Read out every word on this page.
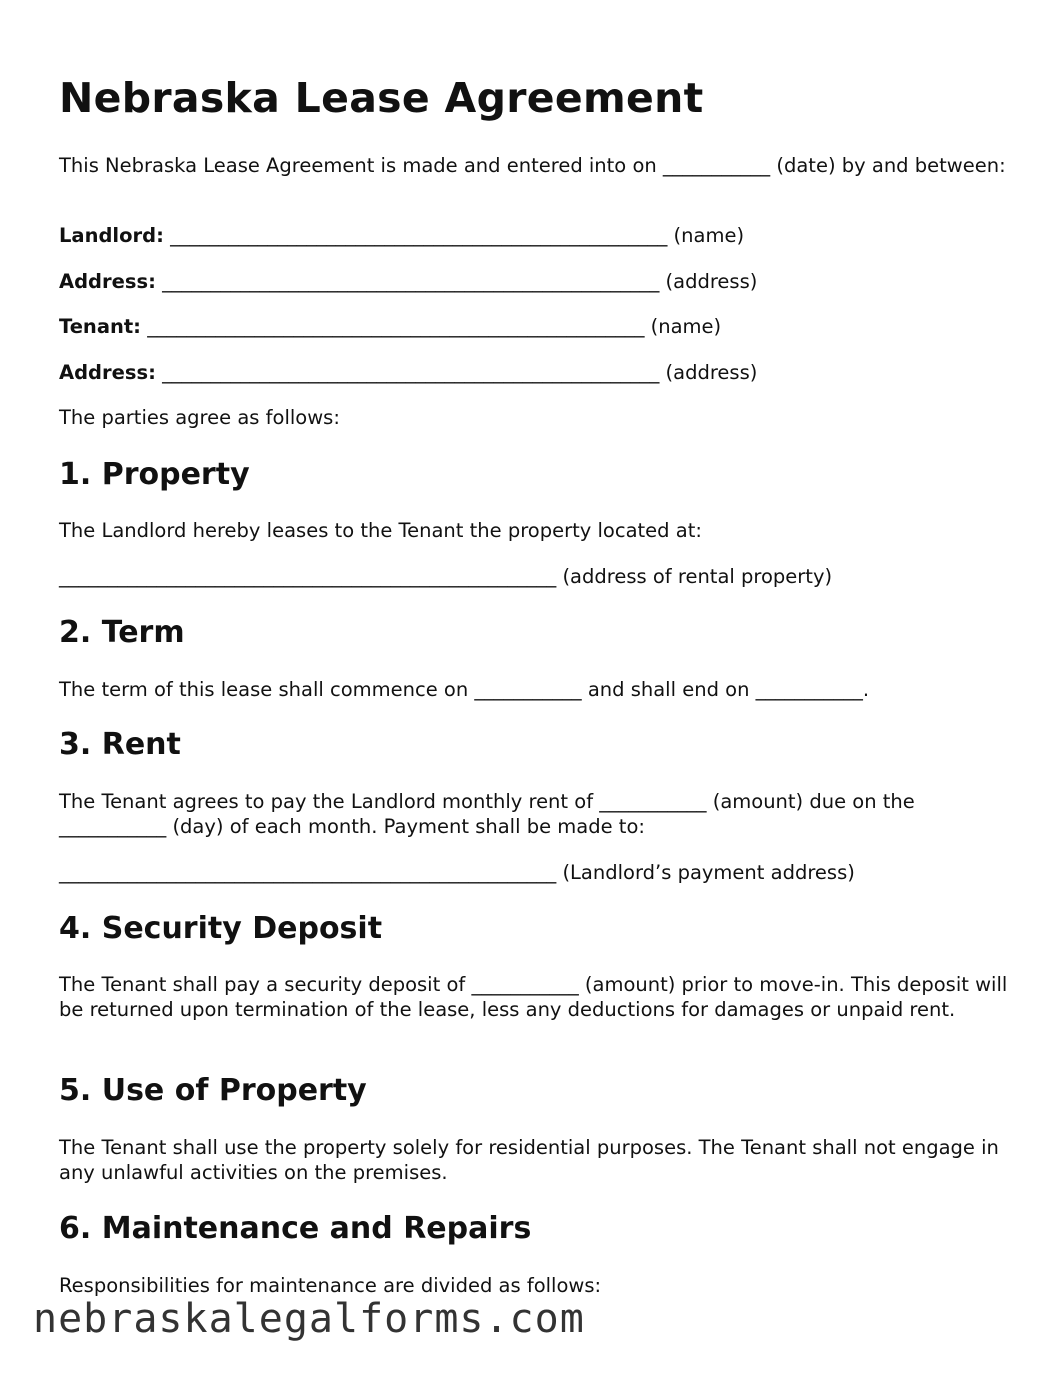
Nebraska Lease Agreement

This Nebraska Lease Agreement is made and entered into on ___________ (date) by and between:

Landlord: ___________________________________________________ (name)

Address: ___________________________________________________ (address)

Tenant: ___________________________________________________ (name)

Address: ___________________________________________________ (address)

The parties agree as follows:

1. Property

The Landlord hereby leases to the Tenant the property located at:

___________________________________________________ (address of rental property)

2. Term

The term of this lease shall commence on ___________ and shall end on ___________.

3. Rent

The Tenant agrees to pay the Landlord monthly rent of ___________ (amount) due on the ___________ (day) of each month. Payment shall be made to:

___________________________________________________ (Landlord’s payment address)

4. Security Deposit

The Tenant shall pay a security deposit of ___________ (amount) prior to move-in. This deposit will be returned upon termination of the lease, less any deductions for damages or unpaid rent.

5. Use of Property

The Tenant shall use the property solely for residential purposes. The Tenant shall not engage in any unlawful activities on the premises.

6. Maintenance and Repairs

Responsibilities for maintenance are divided as follows:

nebraskalegalforms.com
